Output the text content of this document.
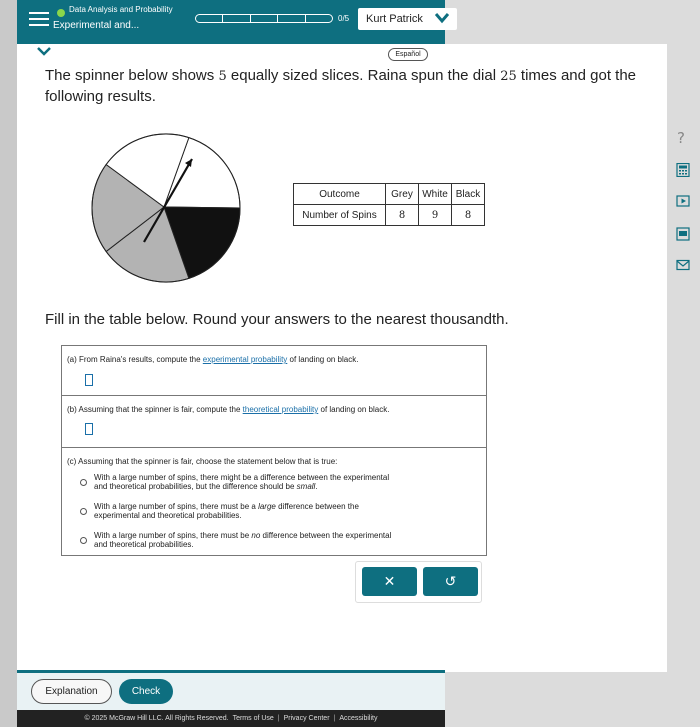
Data Analysis and Probability
Experimental and...
0/5 Kurt Patrick
Español
The spinner below shows 5 equally sized slices. Raina spun the dial 25 times and got the following results.
Outcome	Grey	White	Black
Number of Spins	8	9	8
?
Fill in the table below. Round your answers to the nearest thousandth.
(a) From Raina's results, compute the experimental probability of landing on black.
(b) Assuming that the spinner is fair, compute the theoretical probability of landing on black.
(c) Assuming that the spinner is fair, choose the statement below that is true:
With a large number of spins, there might be a difference between the experimental
and theoretical probabilities, but the difference should be small.
With a large number of spins, there must be a large difference between the
experimental and theoretical probabilities.
With a large number of spins, there must be no difference between the experimental
and theoretical probabilities.
✕	↺
Explanation	Check
© 2025 McGraw Hill LLC. All Rights Reserved. Terms of Use | Privacy Center | Accessibility
